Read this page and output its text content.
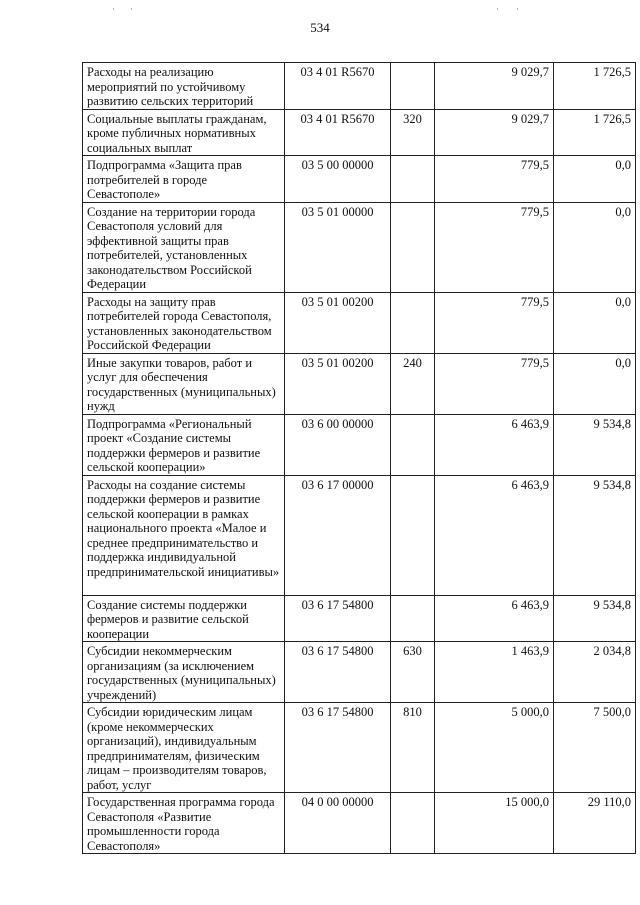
534
· ·	· ·
Расходы на реализацию мероприятий по устойчивому развитию сельских территорий	03 4 01 R5670		9 029,7	1 726,5
Социальные выплаты гражданам, кроме публичных нормативных социальных выплат	03 4 01 R5670	320	9 029,7	1 726,5
Подпрограмма «Защита прав потребителей в городе Севастополе»	03 5 00 00000		779,5	0,0
Создание на территории города Севастополя условий для эффективной защиты прав потребителей, установленных законодательством Российской Федерации	03 5 01 00000		779,5	0,0
Расходы на защиту прав потребителей города Севастополя, установленных законодательством Российской Федерации	03 5 01 00200		779,5	0,0
Иные закупки товаров, работ и услуг для обеспечения государственных (муниципальных) нужд	03 5 01 00200	240	779,5	0,0
Подпрограмма «Региональный проект «Создание системы поддержки фермеров и развитие сельской кооперации»	03 6 00 00000		6 463,9	9 534,8
Расходы на создание системы поддержки фермеров и развитие сельской кооперации в рамках национального проекта «Малое и среднее предпринимательство и поддержка индивидуальной предпринимательской инициативы»	03 6 17 00000		6 463,9	9 534,8
Создание системы поддержки фермеров и развитие сельской кооперации	03 6 17 54800		6 463,9	9 534,8
Субсидии некоммерческим организациям (за исключением государственных (муниципальных) учреждений)	03 6 17 54800	630	1 463,9	2 034,8
Субсидии юридическим лицам (кроме некоммерческих организаций), индивидуальным предпринимателям, физическим лицам – производителям товаров, работ, услуг	03 6 17 54800	810	5 000,0	7 500,0
Государственная программа города Севастополя «Развитие промышленности города Севастополя»	04 0 00 00000		15 000,0	29 110,0
